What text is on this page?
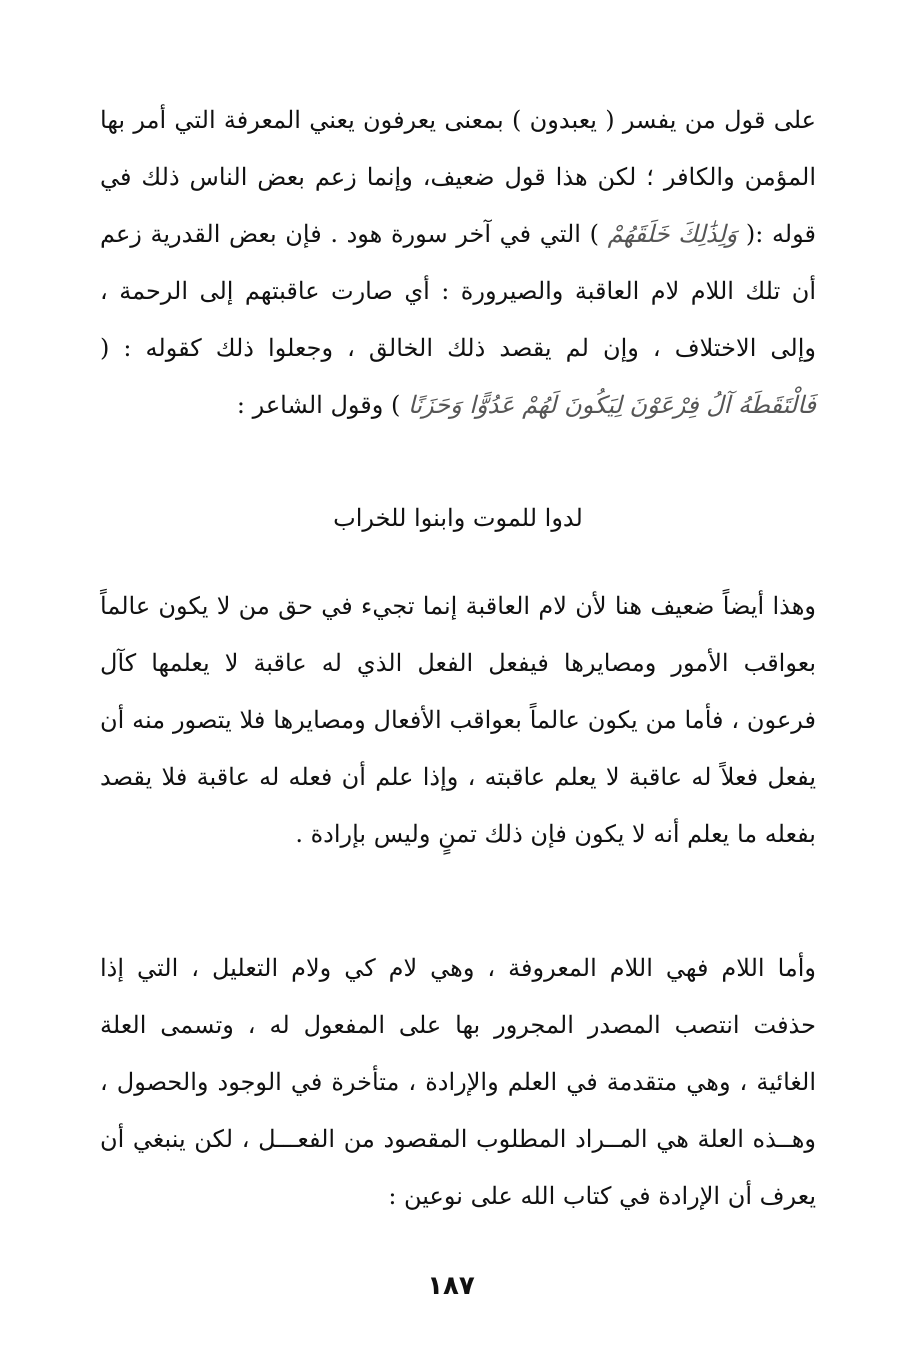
على قول من يفسر ( يعبدون ) بمعنى يعرفون يعني المعرفة التي أمر بها المؤمن والكافر ؛ لكن هذا قول ضعيف، وإنما زعم بعض الناس ذلك في قوله :( وَلِذَٰلِكَ خَلَقَهُمْ ) التي في آخر سورة هود . فإن بعض القدرية زعم أن تلك اللام لام العاقبة والصيرورة : أي صارت عاقبتهم إلى الرحمة ، وإلى الاختلاف ، وإن لم يقصد ذلك الخالق ، وجعلوا ذلك كقوله : ( فَالْتَقَطَهُ آلُ فِرْعَوْنَ لِيَكُونَ لَهُمْ عَدُوًّا وَحَزَنًا ) وقول الشاعر :

لدوا للموت وابنوا للخراب

وهذا أيضاً ضعيف هنا لأن لام العاقبة إنما تجيء في حق من لا يكون عالماً بعواقب الأمور ومصايرها فيفعل الفعل الذي له عاقبة لا يعلمها كآل فرعون ، فأما من يكون عالماً بعواقب الأفعال ومصايرها فلا يتصور منه أن يفعل فعلاً له عاقبة لا يعلم عاقبته ، وإذا علم أن فعله له عاقبة فلا يقصد بفعله ما يعلم أنه لا يكون فإن ذلك تمنٍ وليس بإرادة .

وأما اللام فهي اللام المعروفة ، وهي لام كي ولام التعليل ، التي إذا حذفت انتصب المصدر المجرور بها على المفعول له ، وتسمى العلة الغائية ، وهي متقدمة في العلم والإرادة ، متأخرة في الوجود والحصول ، وهــذه العلة هي المــراد المطلوب المقصود من الفعـــل ، لكن ينبغي أن يعرف أن الإرادة في كتاب الله على نوعين :

١٨٧
